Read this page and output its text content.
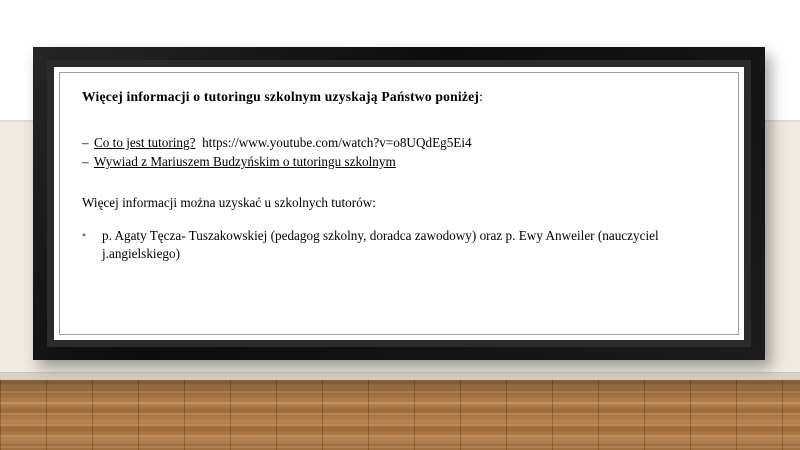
Więcej informacji o tutoringu szkolnym uzyskają Państwo poniżej:

– Co to jest tutoring? https://www.youtube.com/watch?v=o8UQdEg5Ei4

– Wywiad z Mariuszem Budzyńskim o tutoringu szkolnym

Więcej informacji można uzyskać u szkolnych tutorów:

•	p. Agaty Tęcza- Tuszakowskiej (pedagog szkolny, doradca zawodowy) oraz p. Ewy Anweiler (nauczyciel j.angielskiego)
